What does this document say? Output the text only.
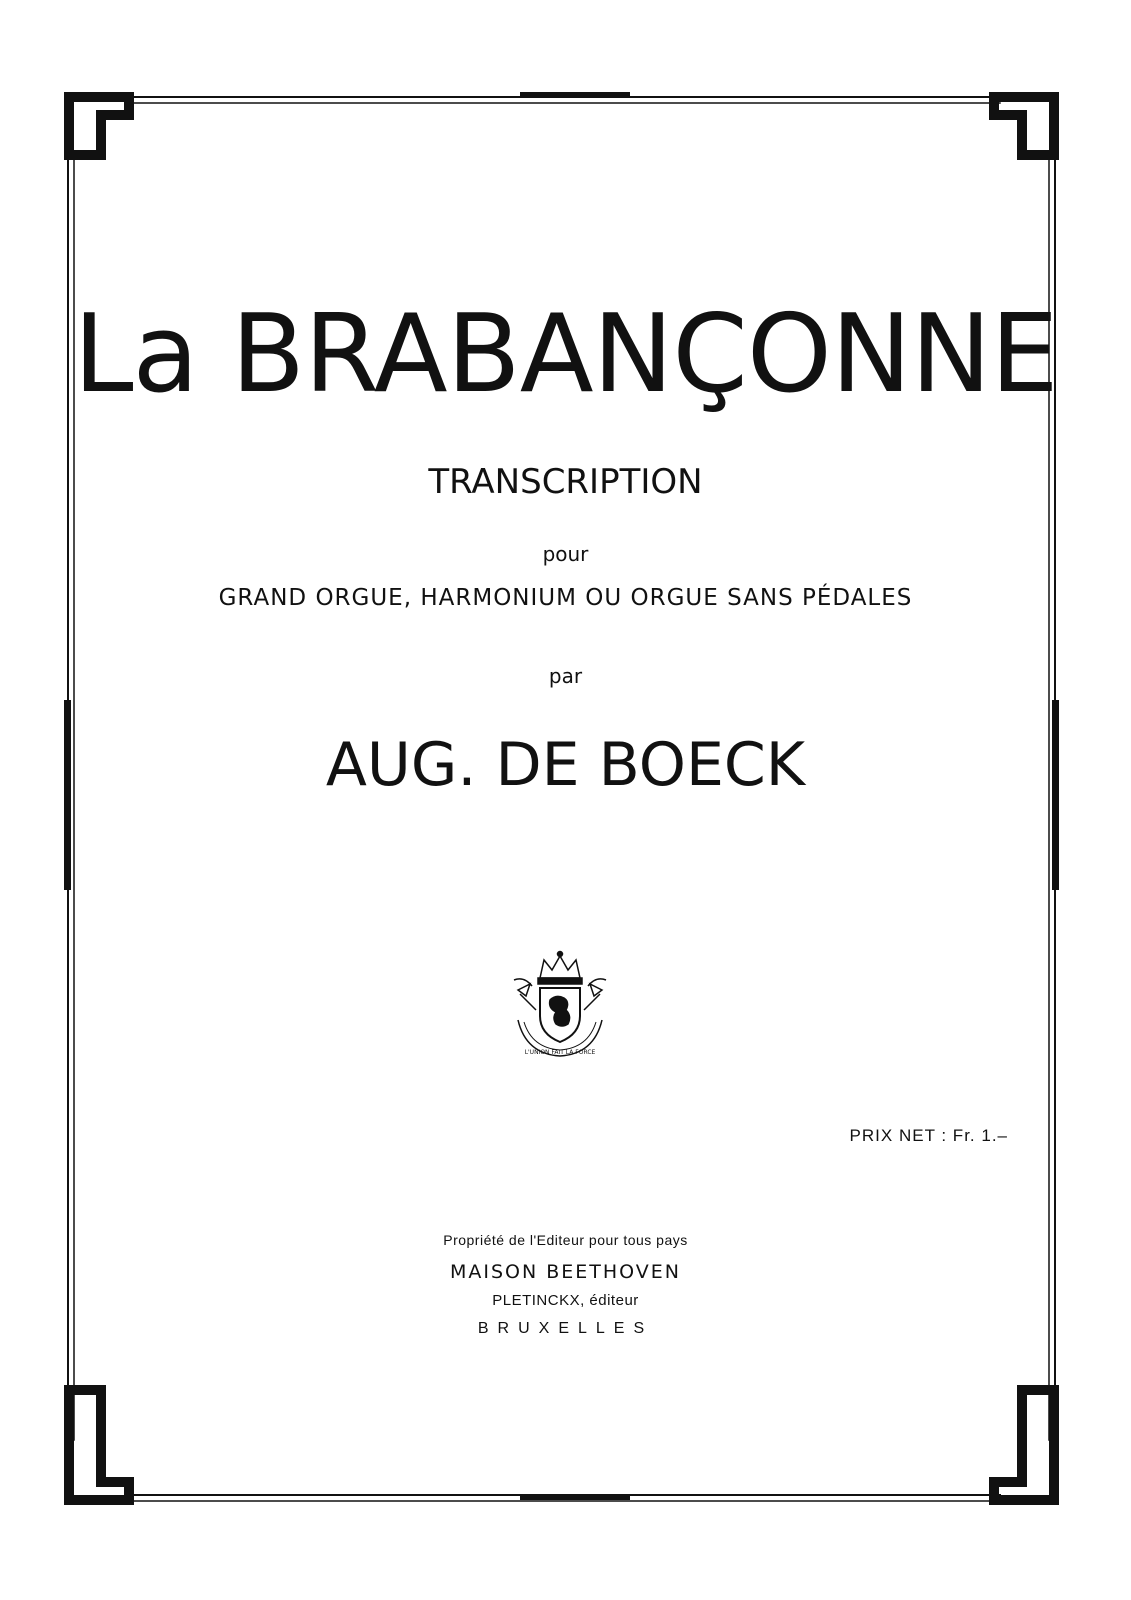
La BRABANÇONNE
TRANSCRIPTION
pour
GRAND ORGUE, HARMONIUM OU ORGUE SANS PÉDALES
par
AUG. DE BOECK
L'UNION FAIT LA FORCE
PRIX NET : Fr. 1.–
Propriété de l'Editeur pour tous pays
MAISON BEETHOVEN
PLETINCKX, éditeur
BRUXELLES
